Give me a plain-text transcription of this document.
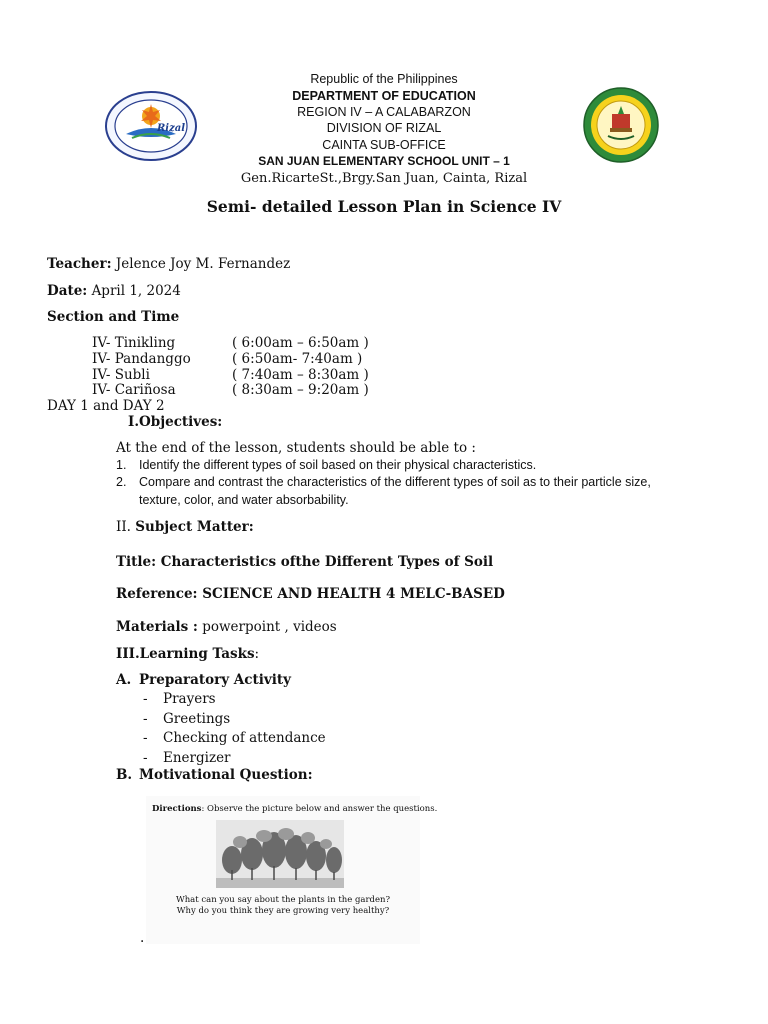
Rizal
Republic of the Philippines
DEPARTMENT OF EDUCATION
REGION IV – A CALABARZON
DIVISION OF RIZAL
CAINTA SUB-OFFICE
SAN JUAN ELEMENTARY SCHOOL UNIT – 1
Gen.RicarteSt.,Brgy.San Juan, Cainta, Rizal
Semi- detailed Lesson Plan in Science IV
Teacher: Jelence Joy M. Fernandez
Date: April 1, 2024
Section and Time
IV- Tinikling	( 6:00am – 6:50am )
IV- Pandanggo	( 6:50am- 7:40am )
IV- Subli	( 7:40am – 8:30am )
IV- Cariñosa	( 8:30am – 9:20am )
DAY 1 and DAY 2
I.Objectives:
At the end of the lesson, students should be able to :
1. Identify the different types of soil based on their physical characteristics.
2. Compare and contrast the characteristics of the different types of soil as to their particle size,
texture, color, and water absorbability.
II. Subject Matter:
Title: Characteristics ofthe Different Types of Soil
Reference: SCIENCE AND HEALTH 4 MELC-BASED
Materials : powerpoint , videos
III.Learning Tasks:
A. Preparatory Activity
- Prayers
- Greetings
- Checking of attendance
- Energizer
B. Motivational Question:
Directions: Observe the picture below and answer the questions.
What can you say about the plants in the garden?
Why do you think they are growing very healthy?
.
